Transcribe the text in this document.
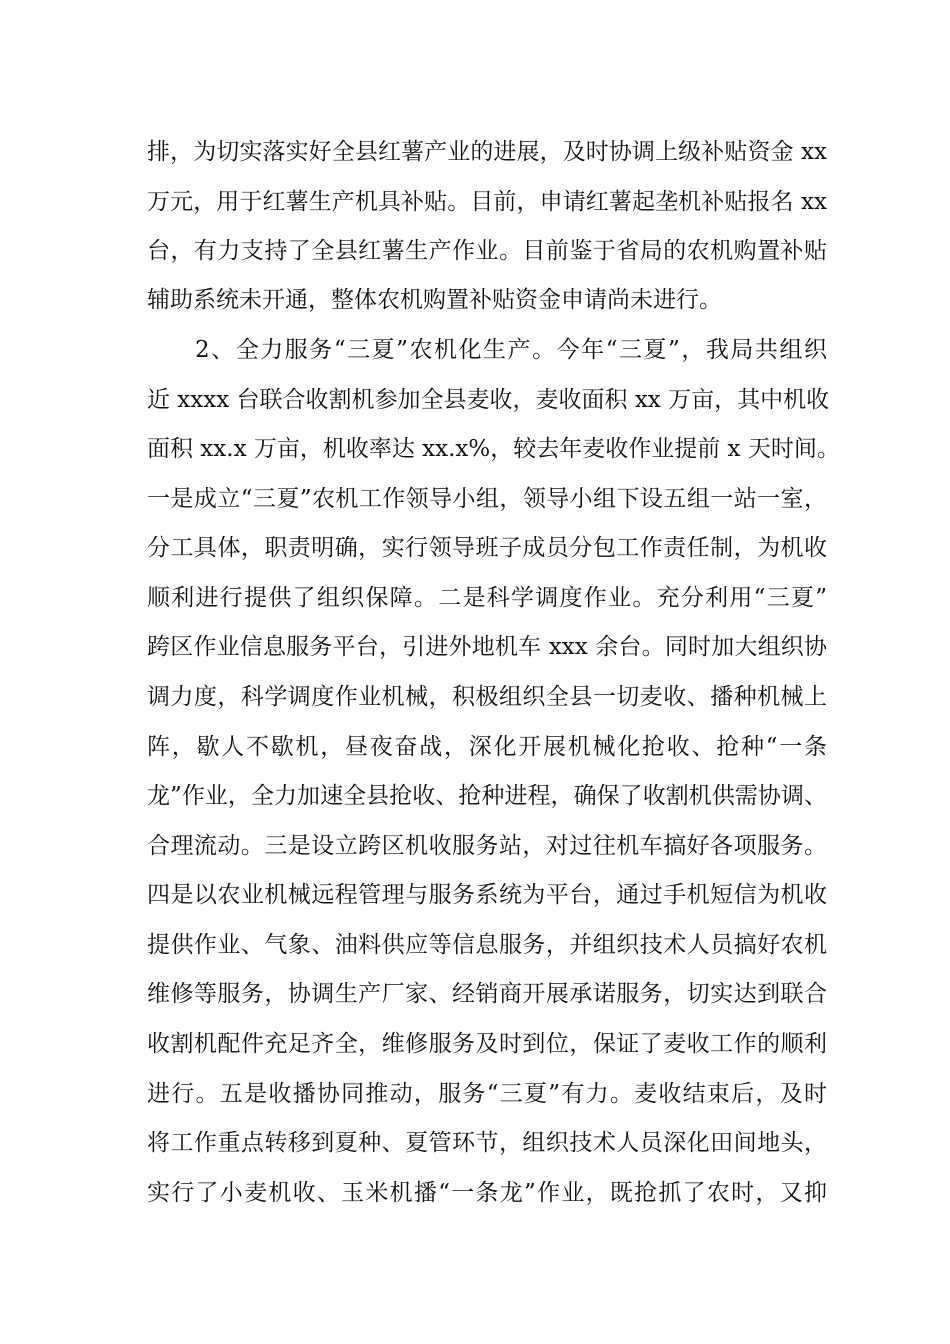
排，为切实落实好全县红薯产业的进展，及时协调上级补贴资金 xx
万元，用于红薯生产机具补贴。目前，申请红薯起垄机补贴报名 xx
台，有力支持了全县红薯生产作业。目前鉴于省局的农机购置补贴
辅助系统未开通，整体农机购置补贴资金申请尚未进行。
2、全力服务“三夏”农机化生产。今年“三夏”，我局共组织
近 xxxx 台联合收割机参加全县麦收，麦收面积 xx 万亩，其中机收
面积 xx.x 万亩，机收率达 xx.x%，较去年麦收作业提前 x 天时间。
一是成立“三夏”农机工作领导小组，领导小组下设五组一站一室，
分工具体，职责明确，实行领导班子成员分包工作责任制，为机收
顺利进行提供了组织保障。二是科学调度作业。充分利用“三夏”
跨区作业信息服务平台，引进外地机车 xxx 余台。同时加大组织协
调力度，科学调度作业机械，积极组织全县一切麦收、播种机械上
阵，歇人不歇机，昼夜奋战，深化开展机械化抢收、抢种“一条
龙”作业，全力加速全县抢收、抢种进程，确保了收割机供需协调、
合理流动。三是设立跨区机收服务站，对过往机车搞好各项服务。
四是以农业机械远程管理与服务系统为平台，通过手机短信为机收
提供作业、气象、油料供应等信息服务，并组织技术人员搞好农机
维修等服务，协调生产厂家、经销商开展承诺服务，切实达到联合
收割机配件充足齐全，维修服务及时到位，保证了麦收工作的顺利
进行。五是收播协同推动，服务“三夏”有力。麦收结束后，及时
将工作重点转移到夏种、夏管环节，组织技术人员深化田间地头，
实行了小麦机收、玉米机播“一条龙”作业，既抢抓了农时，又抑
